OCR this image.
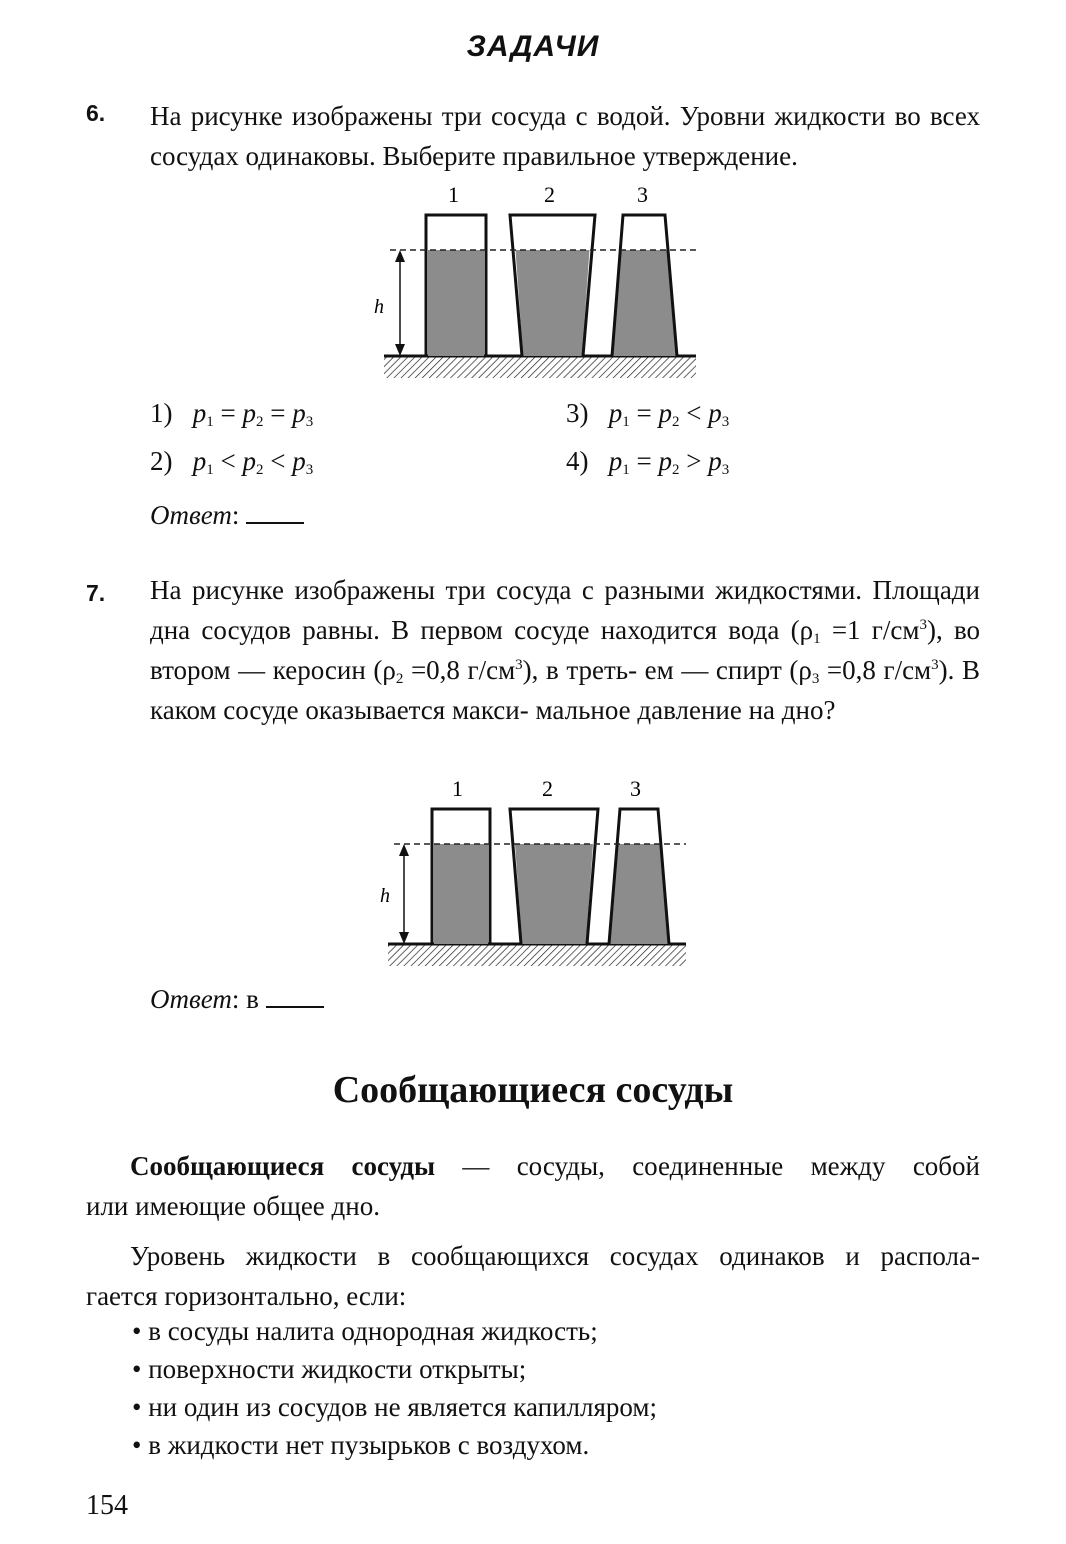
ЗАДАЧИ
6. На рисунке изображены три сосуда с водой. Уровни жидкости во всех сосудах одинаковы. Выберите правильное утверждение.
h
1	2	3
1) $p_1 = p_2 = p_3$
2) $p_1 < p_2 < p_3$
3) $p_1 = p_2 < p_3$
4) $p_1 = p_2 > p_3$
Ответ:
7. На рисунке изображены три сосуда с разными жидкостями. Площади дна сосудов равны. В первом сосуде находится вода ($\rho_1 =1$ $г/см^3$), во втором — керосин ($\rho_2 =0,8$ $г/см^3$), в треть- ем — спирт ($\rho_3 =0,8$ $г/см^3$). В каком сосуде оказывается макси- мальное давление на дно?
h
1	2	3
Ответ: в
Сообщающиеся сосуды
Сообщающиеся сосуды — сосуды, соединенные между собой
или имеющие общее дно.
Уровень жидкости в сообщающихся сосудах одинаков и распола-
гается горизонтально, если:
• в сосуды налита однородная жидкость;
• поверхности жидкости открыты;
• ни один из сосудов не является капилляром;
• в жидкости нет пузырьков с воздухом.
154
